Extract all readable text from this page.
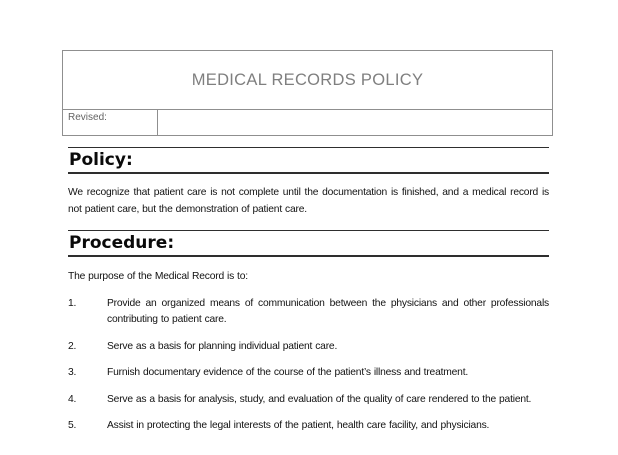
MEDICAL RECORDS POLICY
Revised:
Policy:

We recognize that patient care is not complete until the documentation is finished, and a medical record is not patient care, but the demonstration of patient care.

Procedure:

The purpose of the Medical Record is to:

1.	Provide an organized means of communication between the physicians and other professionals contributing to patient care.
2.	Serve as a basis for planning individual patient care.
3.	Furnish documentary evidence of the course of the patient’s illness and treatment.
4.	Serve as a basis for analysis, study, and evaluation of the quality of care rendered to the patient.
5.	Assist in protecting the legal interests of the patient, health care facility, and physicians.
